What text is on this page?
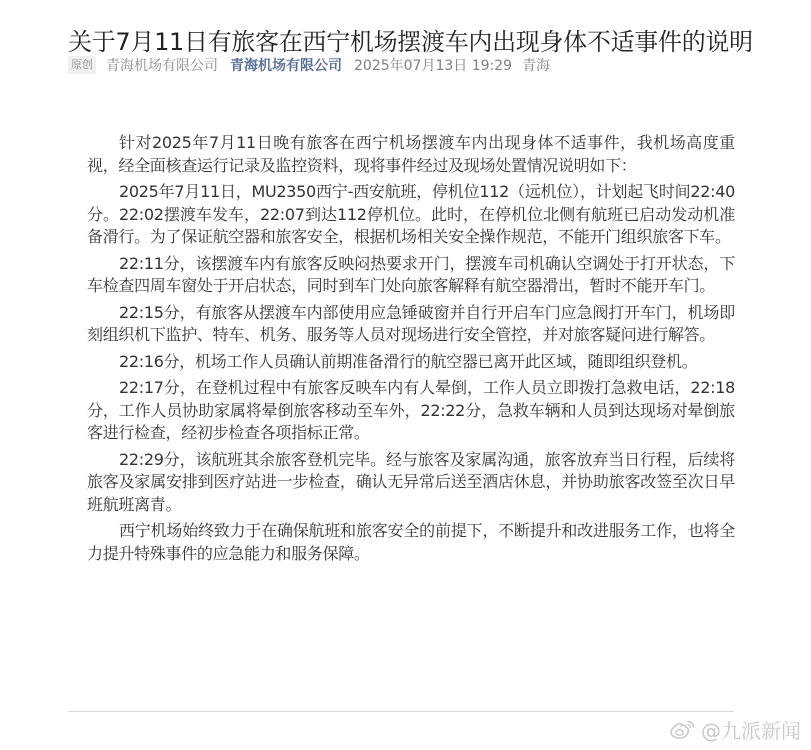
关于7月11日有旅客在西宁机场摆渡车内出现身体不适事件的说明
原创 青海机场有限公司 青海机场有限公司 2025年07月13日 19:29 青海

针对2025年7月11日晚有旅客在西宁机场摆渡车内出现身体不适事件，我机场高度重视，经全面核查运行记录及监控资料，现将事件经过及现场处置情况说明如下：

2025年7月11日，MU2350西宁-西安航班，停机位112（远机位），计划起飞时间22:40分。22:02摆渡车发车，22:07到达112停机位。此时，在停机位北侧有航班已启动发动机准备滑行。为了保证航空器和旅客安全，根据机场相关安全操作规范，不能开门组织旅客下车。

22:11分，该摆渡车内有旅客反映闷热要求开门，摆渡车司机确认空调处于打开状态，下车检查四周车窗处于开启状态，同时到车门处向旅客解释有航空器滑出，暂时不能开车门。

22:15分，有旅客从摆渡车内部使用应急锤破窗并自行开启车门应急阀打开车门，机场即刻组织机下监护、特车、机务、服务等人员对现场进行安全管控，并对旅客疑问进行解答。

22:16分，机场工作人员确认前期准备滑行的航空器已离开此区域，随即组织登机。

22:17分，在登机过程中有旅客反映车内有人晕倒，工作人员立即拨打急救电话，22:18分，工作人员协助家属将晕倒旅客移动至车外，22:22分，急救车辆和人员到达现场对晕倒旅客进行检查，经初步检查各项指标正常。

22:29分，该航班其余旅客登机完毕。经与旅客及家属沟通，旅客放弃当日行程，后续将旅客及家属安排到医疗站进一步检查，确认无异常后送至酒店休息，并协助旅客改签至次日早班航班离青。

西宁机场始终致力于在确保航班和旅客安全的前提下，不断提升和改进服务工作，也将全力提升特殊事件的应急能力和服务保障。

@九派新闻
